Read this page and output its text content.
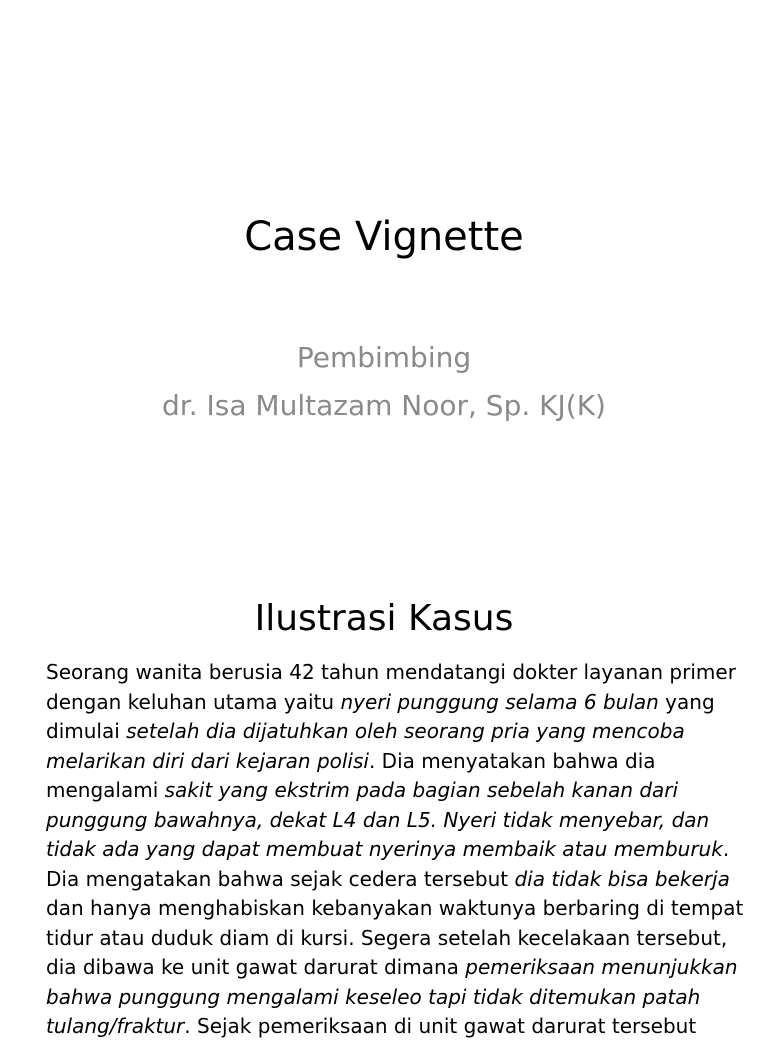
Case Vignette
Pembimbing
dr. Isa Multazam Noor, Sp. KJ(K)
Ilustrasi Kasus
Seorang wanita berusia 42 tahun mendatangi dokter layanan primer dengan keluhan utama yaitu nyeri punggung selama 6 bulan yang dimulai setelah dia dijatuhkan oleh seorang pria yang mencoba melarikan diri dari kejaran polisi. Dia menyatakan bahwa dia mengalami sakit yang ekstrim pada bagian sebelah kanan dari punggung bawahnya, dekat L4 dan L5. Nyeri tidak menyebar, dan tidak ada yang dapat membuat nyerinya membaik atau memburuk. Dia mengatakan bahwa sejak cedera tersebut dia tidak bisa bekerja dan hanya menghabiskan kebanyakan waktunya berbaring di tempat tidur atau duduk diam di kursi. Segera setelah kecelakaan tersebut, dia dibawa ke unit gawat darurat dimana pemeriksaan menunjukkan bahwa punggung mengalami keseleo tapi tidak ditemukan patah tulang/fraktur. Sejak pemeriksaan di unit gawat darurat tersebut
